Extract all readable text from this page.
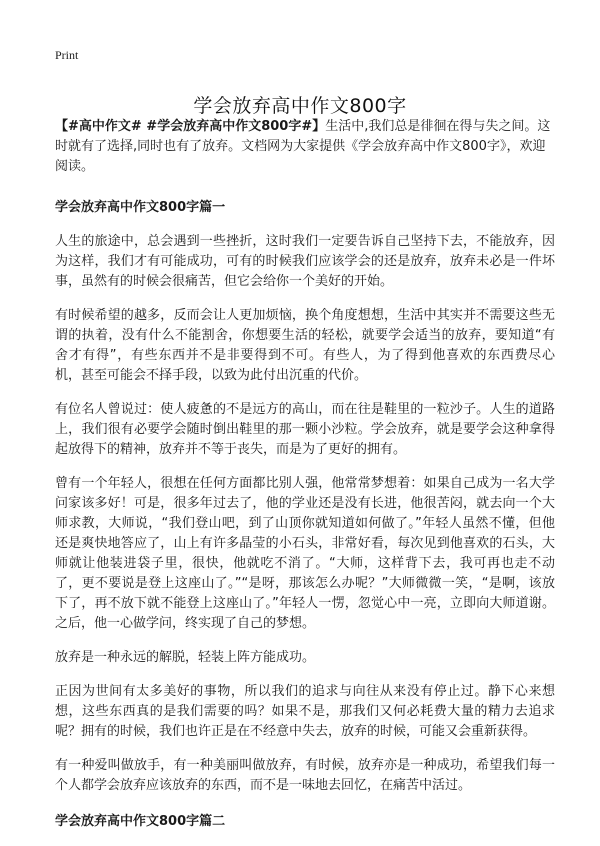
Print
学会放弃高中作文800字

【#高中作文# #学会放弃高中作文800字#】生活中,我们总是徘徊在得与失之间。这时就有了选择,同时也有了放弃。文档网为大家提供《学会放弃高中作文800字》，欢迎阅读。

学会放弃高中作文800字篇一

人生的旅途中，总会遇到一些挫折，这时我们一定要告诉自己坚持下去，不能放弃，因为这样，我们才有可能成功，可有的时候我们应该学会的还是放弃，放弃未必是一件坏事，虽然有的时候会很痛苦，但它会给你一个美好的开始。

有时候希望的越多，反而会让人更加烦恼，换个角度想想，生活中其实并不需要这些无谓的执着，没有什么不能割舍，你想要生活的轻松，就要学会适当的放弃，要知道“有舍才有得”，有些东西并不是非要得到不可。有些人，为了得到他喜欢的东西费尽心机，甚至可能会不择手段，以致为此付出沉重的代价。

有位名人曾说过：使人疲惫的不是远方的高山，而在往是鞋里的一粒沙子。人生的道路上，我们很有必要学会随时倒出鞋里的那一颗小沙粒。学会放弃，就是要学会这种拿得起放得下的精神，放弃并不等于丧失，而是为了更好的拥有。

曾有一个年轻人，很想在任何方面都比别人强，他常常梦想着：如果自己成为一名大学问家该多好！可是，很多年过去了，他的学业还是没有长进，他很苦闷，就去向一个大师求教，大师说，“我们登山吧，到了山顶你就知道如何做了。”年轻人虽然不懂，但他还是爽快地答应了，山上有许多晶莹的小石头，非常好看，每次见到他喜欢的石头，大师就让他装进袋子里，很快，他就吃不消了。“大师，这样背下去，我可再也走不动了，更不要说是登上这座山了。”“是呀，那该怎么办呢？”大师微微一笑，“是啊，该放下了，再不放下就不能登上这座山了。”年轻人一愣，忽觉心中一亮，立即向大师道谢。之后，他一心做学问，终实现了自己的梦想。

放弃是一种永远的解脱，轻装上阵方能成功。

正因为世间有太多美好的事物，所以我们的追求与向往从来没有停止过。静下心来想想，这些东西真的是我们需要的吗？如果不是，那我们又何必耗费大量的精力去追求呢？拥有的时候，我们也许正是在不经意中失去，放弃的时候，可能又会重新获得。

有一种爱叫做放手，有一种美丽叫做放弃，有时候，放弃亦是一种成功，希望我们每一个人都学会放弃应该放弃的东西，而不是一味地去回忆，在痛苦中活过。

学会放弃高中作文800字篇二
